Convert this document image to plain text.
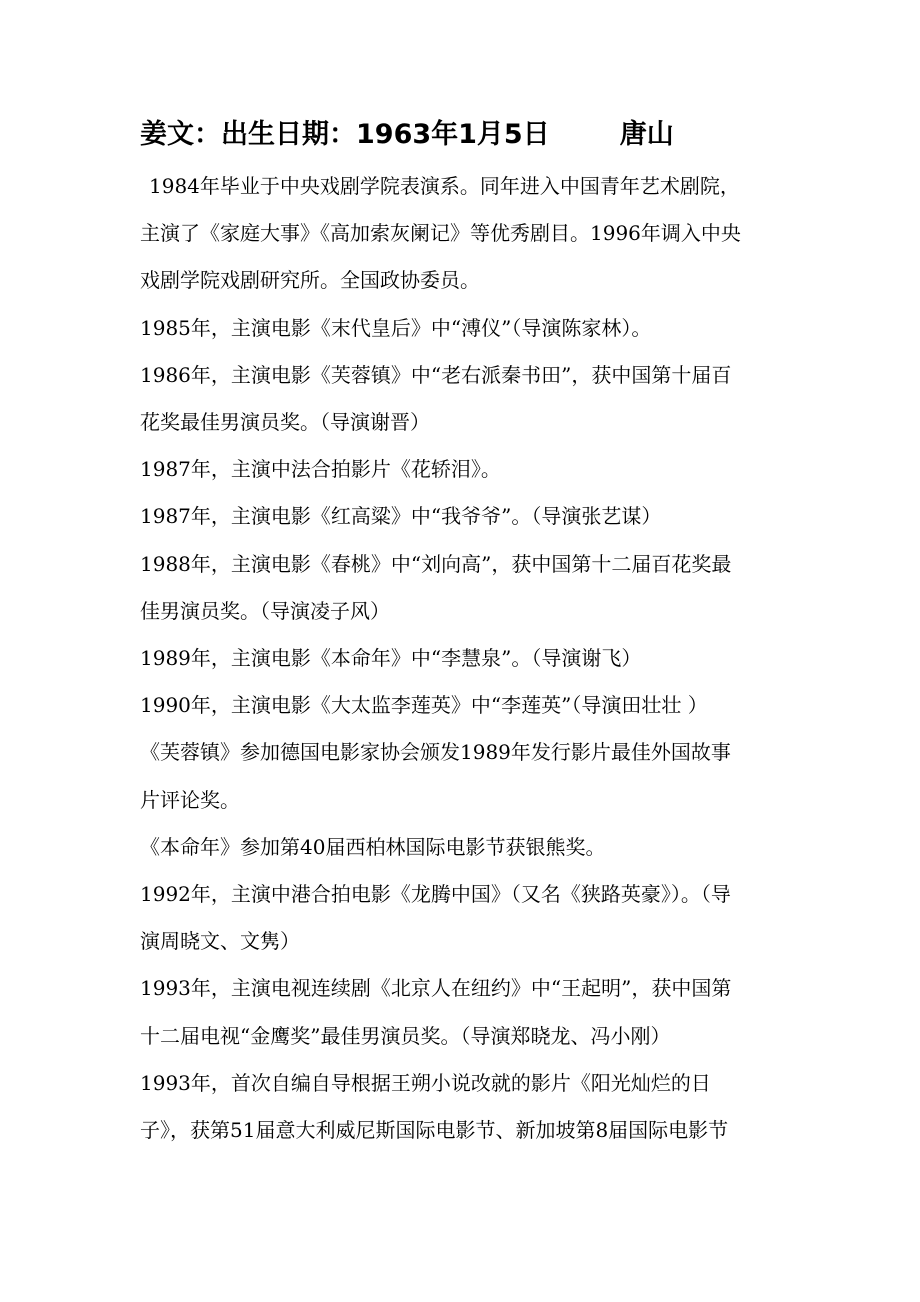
姜文：出生日期：1963年1月5日	唐山

1984年毕业于中央戏剧学院表演系。同年进入中国青年艺术剧院，

主演了《家庭大事》《高加索灰阑记》等优秀剧目。1996年调入中央

戏剧学院戏剧研究所。全国政协委员。

1985年，主演电影《末代皇后》中“溥仪”（导演陈家林）。

1986年，主演电影《芙蓉镇》中“老右派秦书田”，获中国第十届百

花奖最佳男演员奖。（导演谢晋）

1987年，主演中法合拍影片《花轿泪》。

1987年，主演电影《红高粱》中“我爷爷”。（导演张艺谋）

1988年，主演电影《春桃》中“刘向高”，获中国第十二届百花奖最

佳男演员奖。（导演凌子风）

1989年，主演电影《本命年》中“李慧泉”。（导演谢飞）

1990年，主演电影《大太监李莲英》中“李莲英”（导演田壮壮 ）

《芙蓉镇》参加德国电影家协会颁发1989年发行影片最佳外国故事

片评论奖。

《本命年》参加第40届西柏林国际电影节获银熊奖。

1992年，主演中港合拍电影《龙腾中国》（又名《狭路英豪》）。（导

演周晓文、文隽）

1993年，主演电视连续剧《北京人在纽约》中“王起明”，获中国第

十二届电视“金鹰奖”最佳男演员奖。（导演郑晓龙、冯小刚）

1993年，首次自编自导根据王朔小说改就的影片《阳光灿烂的日

子》，获第51届意大利威尼斯国际电影节、新加坡第8届国际电影节
